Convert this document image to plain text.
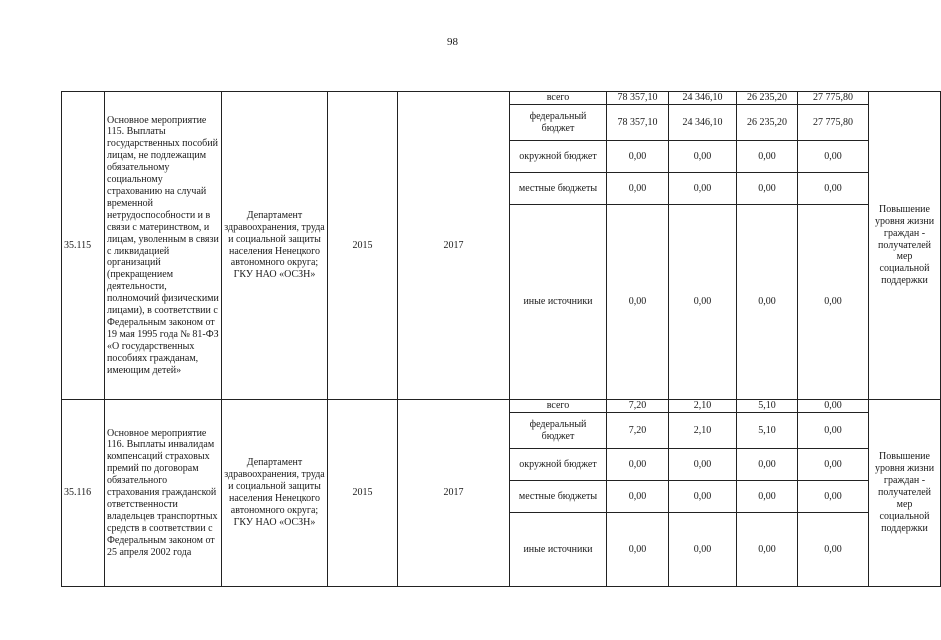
98
35.115	Основное мероприятие 115. Выплаты государственных пособий лицам, не подлежащим обязательному социальному страхованию на случай временной нетрудоспособности и в связи с материнством, и лицам, уволенным в связи с ликвидацией организаций (прекращением деятельности, полномочий физическими лицами), в соответствии с Федеральным законом от 19 мая 1995 года № 81-ФЗ «О государственных пособиях гражданам, имеющим детей»	Департамент здравоохранения, труда и социальной защиты населения Ненецкого автономного округа; ГКУ НАО «ОСЗН»	2015	2017	всего	78 357,10	24 346,10	26 235,20	27 775,80	Повышение уровня жизни граждан - получателей мер социальной поддержки
					федеральный бюджет	78 357,10	24 346,10	26 235,20	27 775,80	
					окружной бюджет	0,00	0,00	0,00	0,00	
					местные бюджеты	0,00	0,00	0,00	0,00	
					иные источники	0,00	0,00	0,00	0,00	
35.116	Основное мероприятие 116. Выплаты инвалидам компенсаций страховых премий по договорам обязательного страхования гражданской ответственности владельцев транспортных средств в соответствии с Федеральным законом от 25 апреля 2002 года	Департамент здравоохранения, труда и социальной защиты населения Ненецкого автономного округа; ГКУ НАО «ОСЗН»	2015	2017	всего	7,20	2,10	5,10	0,00	Повышение уровня жизни граждан - получателей мер социальной поддержки
					федеральный бюджет	7,20	2,10	5,10	0,00	
					окружной бюджет	0,00	0,00	0,00	0,00	
					местные бюджеты	0,00	0,00	0,00	0,00	
					иные источники	0,00	0,00	0,00	0,00	
